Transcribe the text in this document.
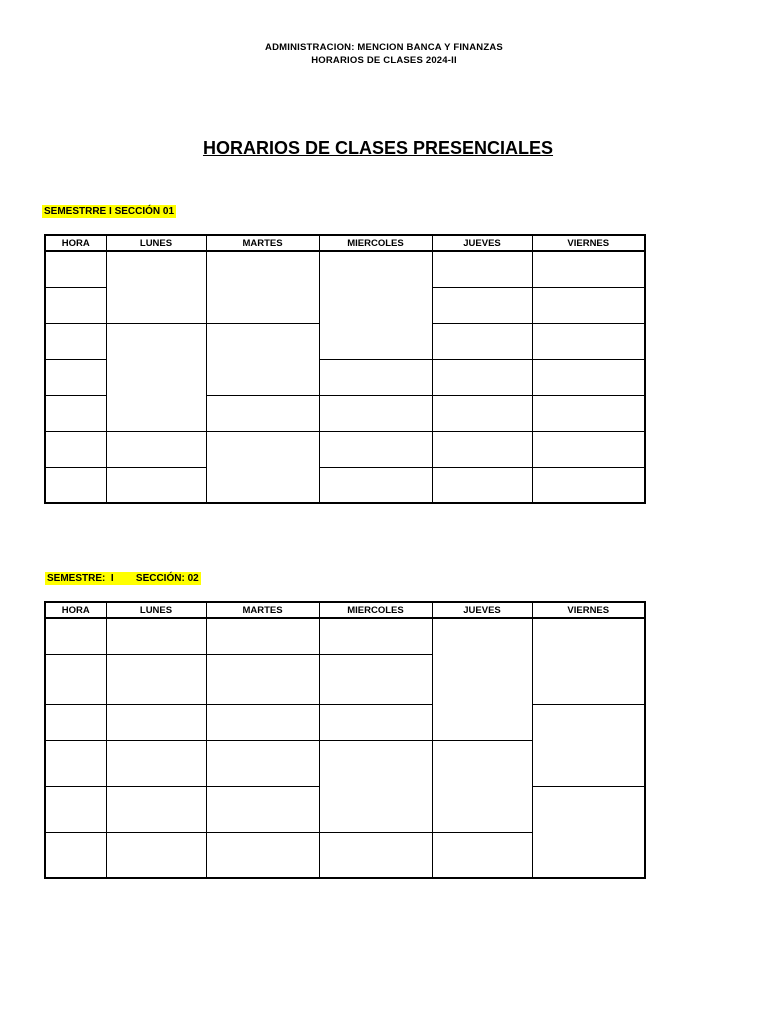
ADMINISTRACION: MENCION BANCA Y FINANZAS
HORARIOS DE CLASES 2024-II
HORARIOS DE CLASES PRESENCIALES
SEMESTRRE I SECCIÓN 01
HORA	LUNES	MARTES	MIERCOLES	JUEVES	VIERNES

SEMESTRE:  I        SECCIÓN: 02
HORA	LUNES	MARTES	MIERCOLES	JUEVES	VIERNES
